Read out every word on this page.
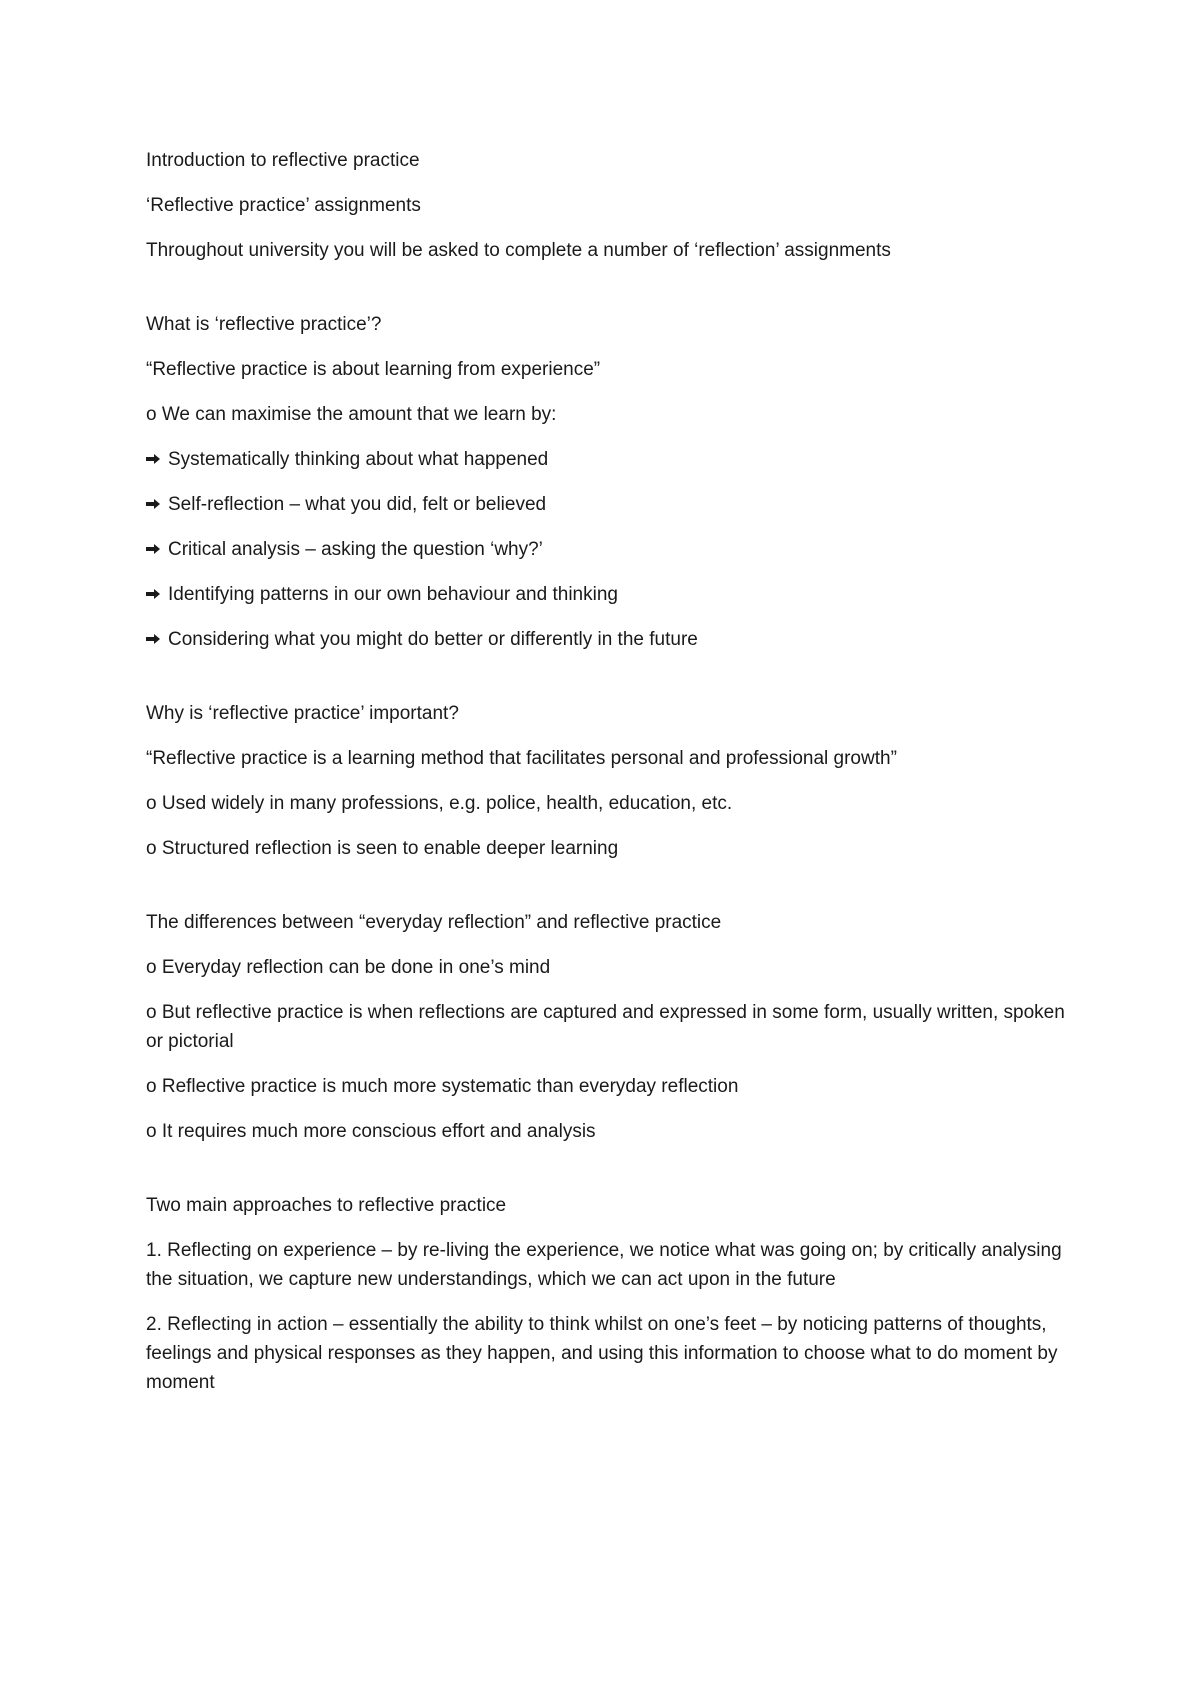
Introduction to reflective practice

‘Reflective practice’ assignments

Throughout university you will be asked to complete a number of ‘reflection’ assignments

What is ‘reflective practice’?

“Reflective practice is about learning from experience”

o We can maximise the amount that we learn by:

Systematically thinking about what happened

Self-reflection – what you did, felt or believed

Critical analysis – asking the question ‘why?’

Identifying patterns in our own behaviour and thinking

Considering what you might do better or differently in the future

Why is ‘reflective practice’ important?

“Reflective practice is a learning method that facilitates personal and professional growth”

o Used widely in many professions, e.g. police, health, education, etc.

o Structured reflection is seen to enable deeper learning

The differences between “everyday reflection” and reflective practice

o Everyday reflection can be done in one’s mind

o But reflective practice is when reflections are captured and expressed in some form, usually written, spoken or pictorial

o Reflective practice is much more systematic than everyday reflection

o It requires much more conscious effort and analysis

Two main approaches to reflective practice

1. Reflecting on experience – by re-living the experience, we notice what was going on; by critically analysing the situation, we capture new understandings, which we can act upon in the future

2. Reflecting in action – essentially the ability to think whilst on one’s feet – by noticing patterns of thoughts, feelings and physical responses as they happen, and using this information to choose what to do moment by moment
